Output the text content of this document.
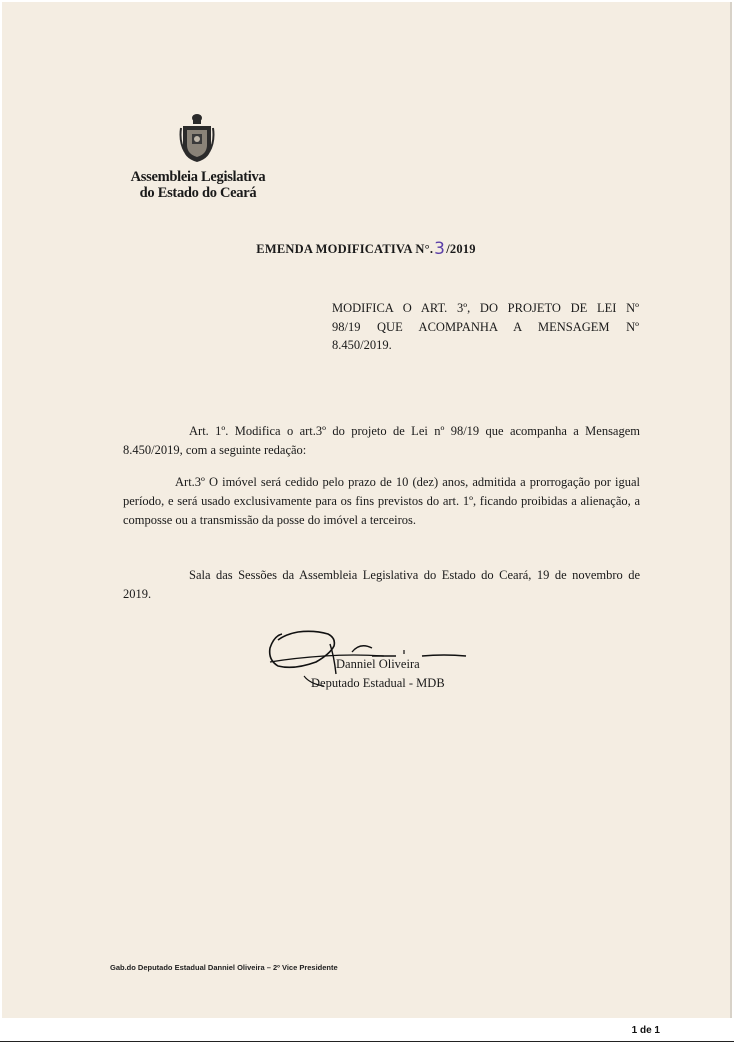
Assembleia Legislativa
do Estado do Ceará
EMENDA MODIFICATIVA N°.3/2019
MODIFICA O ART. 3º, DO PROJETO DE LEI Nº
98/19 QUE ACOMPANHA A MENSAGEM Nº
8.450/2019.

Art. 1º. Modifica o art.3º do projeto de Lei nº 98/19 que acompanha a Mensagem 8.450/2019, com a seguinte redação:

Art.3º O imóvel será cedido pelo prazo de 10 (dez) anos, admitida a prorrogação por igual período, e será usado exclusivamente para os fins previstos do art. 1º, ficando proibidas a alienação, a composse ou a transmissão da posse do imóvel a terceiros.

Sala das Sessões da Assembleia Legislativa do Estado do Ceará, 19 de novembro de 2019.

Danniel Oliveira
Deputado Estadual - MDB
Gab.do Deputado Estadual Danniel Oliveira – 2º Vice Presidente
1 de 1
